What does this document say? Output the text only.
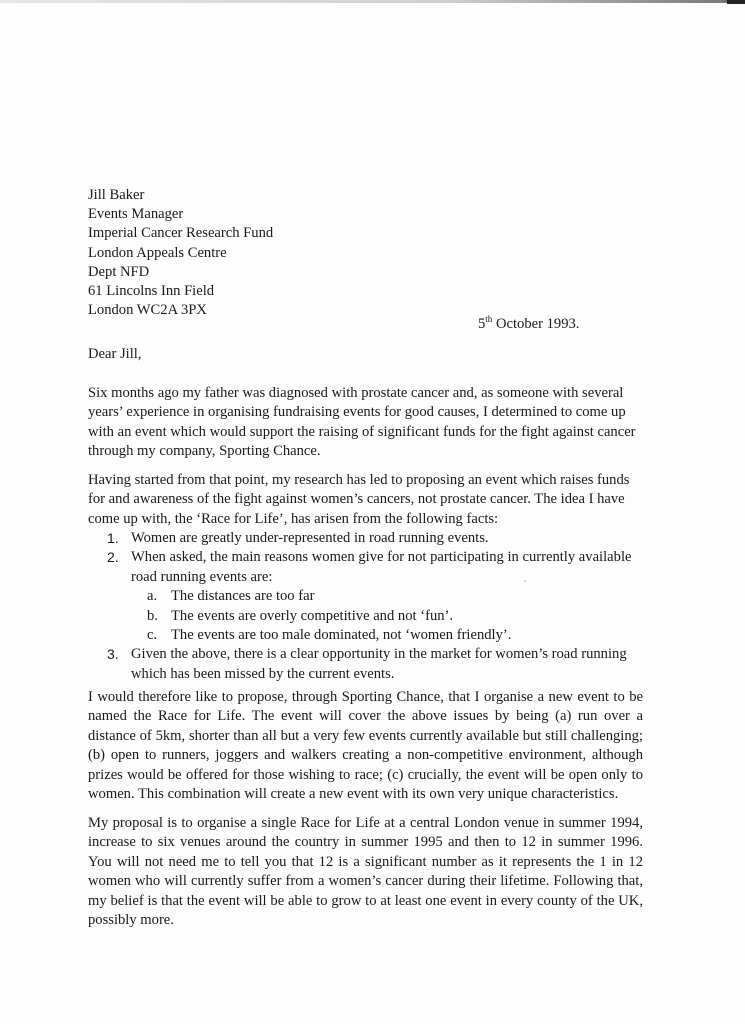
Jill Baker
Events Manager
Imperial Cancer Research Fund
London Appeals Centre
Dept NFD
61 Lincolns Inn Field
London WC2A 3PX
5th October 1993.
Dear Jill,
Six months ago my father was diagnosed with prostate cancer and, as someone with several years’ experience in organising fundraising events for good causes, I determined to come up with an event which would support the raising of significant funds for the fight against cancer through my company, Sporting Chance.
Having started from that point, my research has led to proposing an event which raises funds for and awareness of the fight against women’s cancers, not prostate cancer. The idea I have come up with, the ‘Race for Life’, has arisen from the following facts:
1. Women are greatly under-represented in road running events.
2. When asked, the main reasons women give for not participating in currently available road running events are:
a. The distances are too far
b. The events are overly competitive and not ‘fun’.
c. The events are too male dominated, not ‘women friendly’.
3. Given the above, there is a clear opportunity in the market for women’s road running which has been missed by the current events.
I would therefore like to propose, through Sporting Chance, that I organise a new event to be named the Race for Life. The event will cover the above issues by being (a) run over a distance of 5km, shorter than all but a very few events currently available but still challenging; (b) open to runners, joggers and walkers creating a non-competitive environment, although prizes would be offered for those wishing to race; (c) crucially, the event will be open only to women. This combination will create a new event with its own very unique characteristics.
My proposal is to organise a single Race for Life at a central London venue in summer 1994, increase to six venues around the country in summer 1995 and then to 12 in summer 1996. You will not need me to tell you that 12 is a significant number as it represents the 1 in 12 women who will currently suffer from a women’s cancer during their lifetime. Following that, my belief is that the event will be able to grow to at least one event in every county of the UK, possibly more.
